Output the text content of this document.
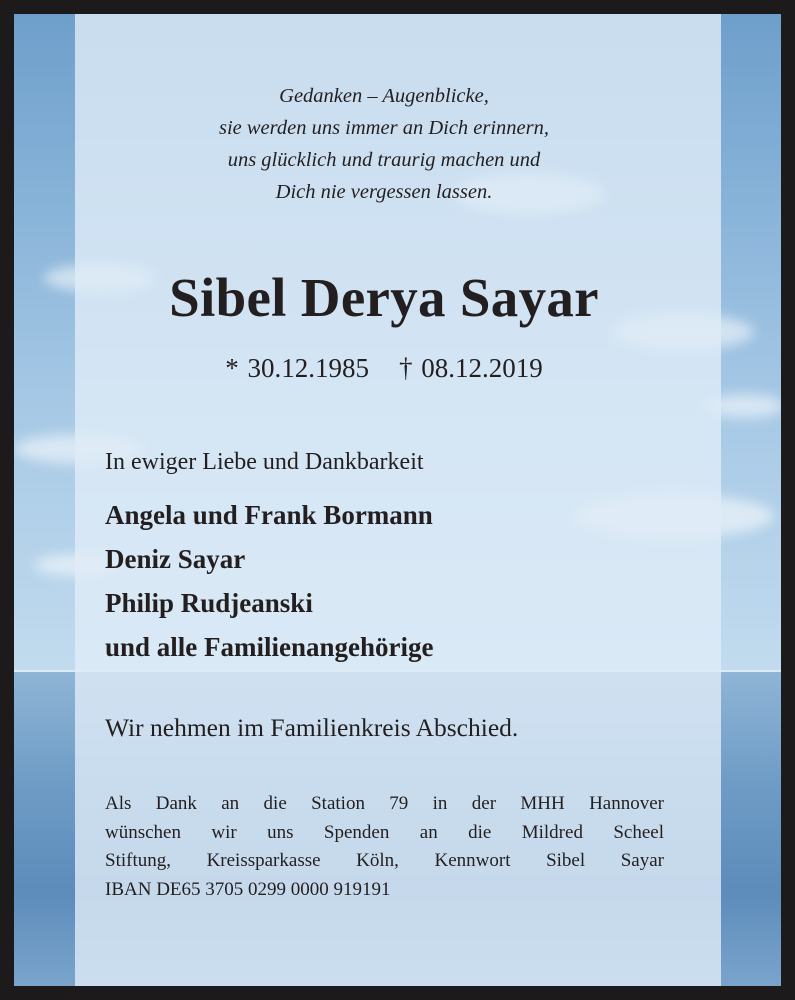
Gedanken – Augenblicke,
sie werden uns immer an Dich erinnern,
uns glücklich und traurig machen und
Dich nie vergessen lassen.
Sibel Derya Sayar
* 30.12.1985 † 08.12.2019
In ewiger Liebe und Dankbarkeit
Angela und Frank Bormann
Deniz Sayar
Philip Rudjeanski
und alle Familienangehörige
Wir nehmen im Familienkreis Abschied.
Als Dank an die Station 79 in der MHH Hannover
wünschen wir uns Spenden an die Mildred Scheel
Stiftung, Kreissparkasse Köln, Kennwort Sibel Sayar
IBAN DE65 3705 0299 0000 919191
